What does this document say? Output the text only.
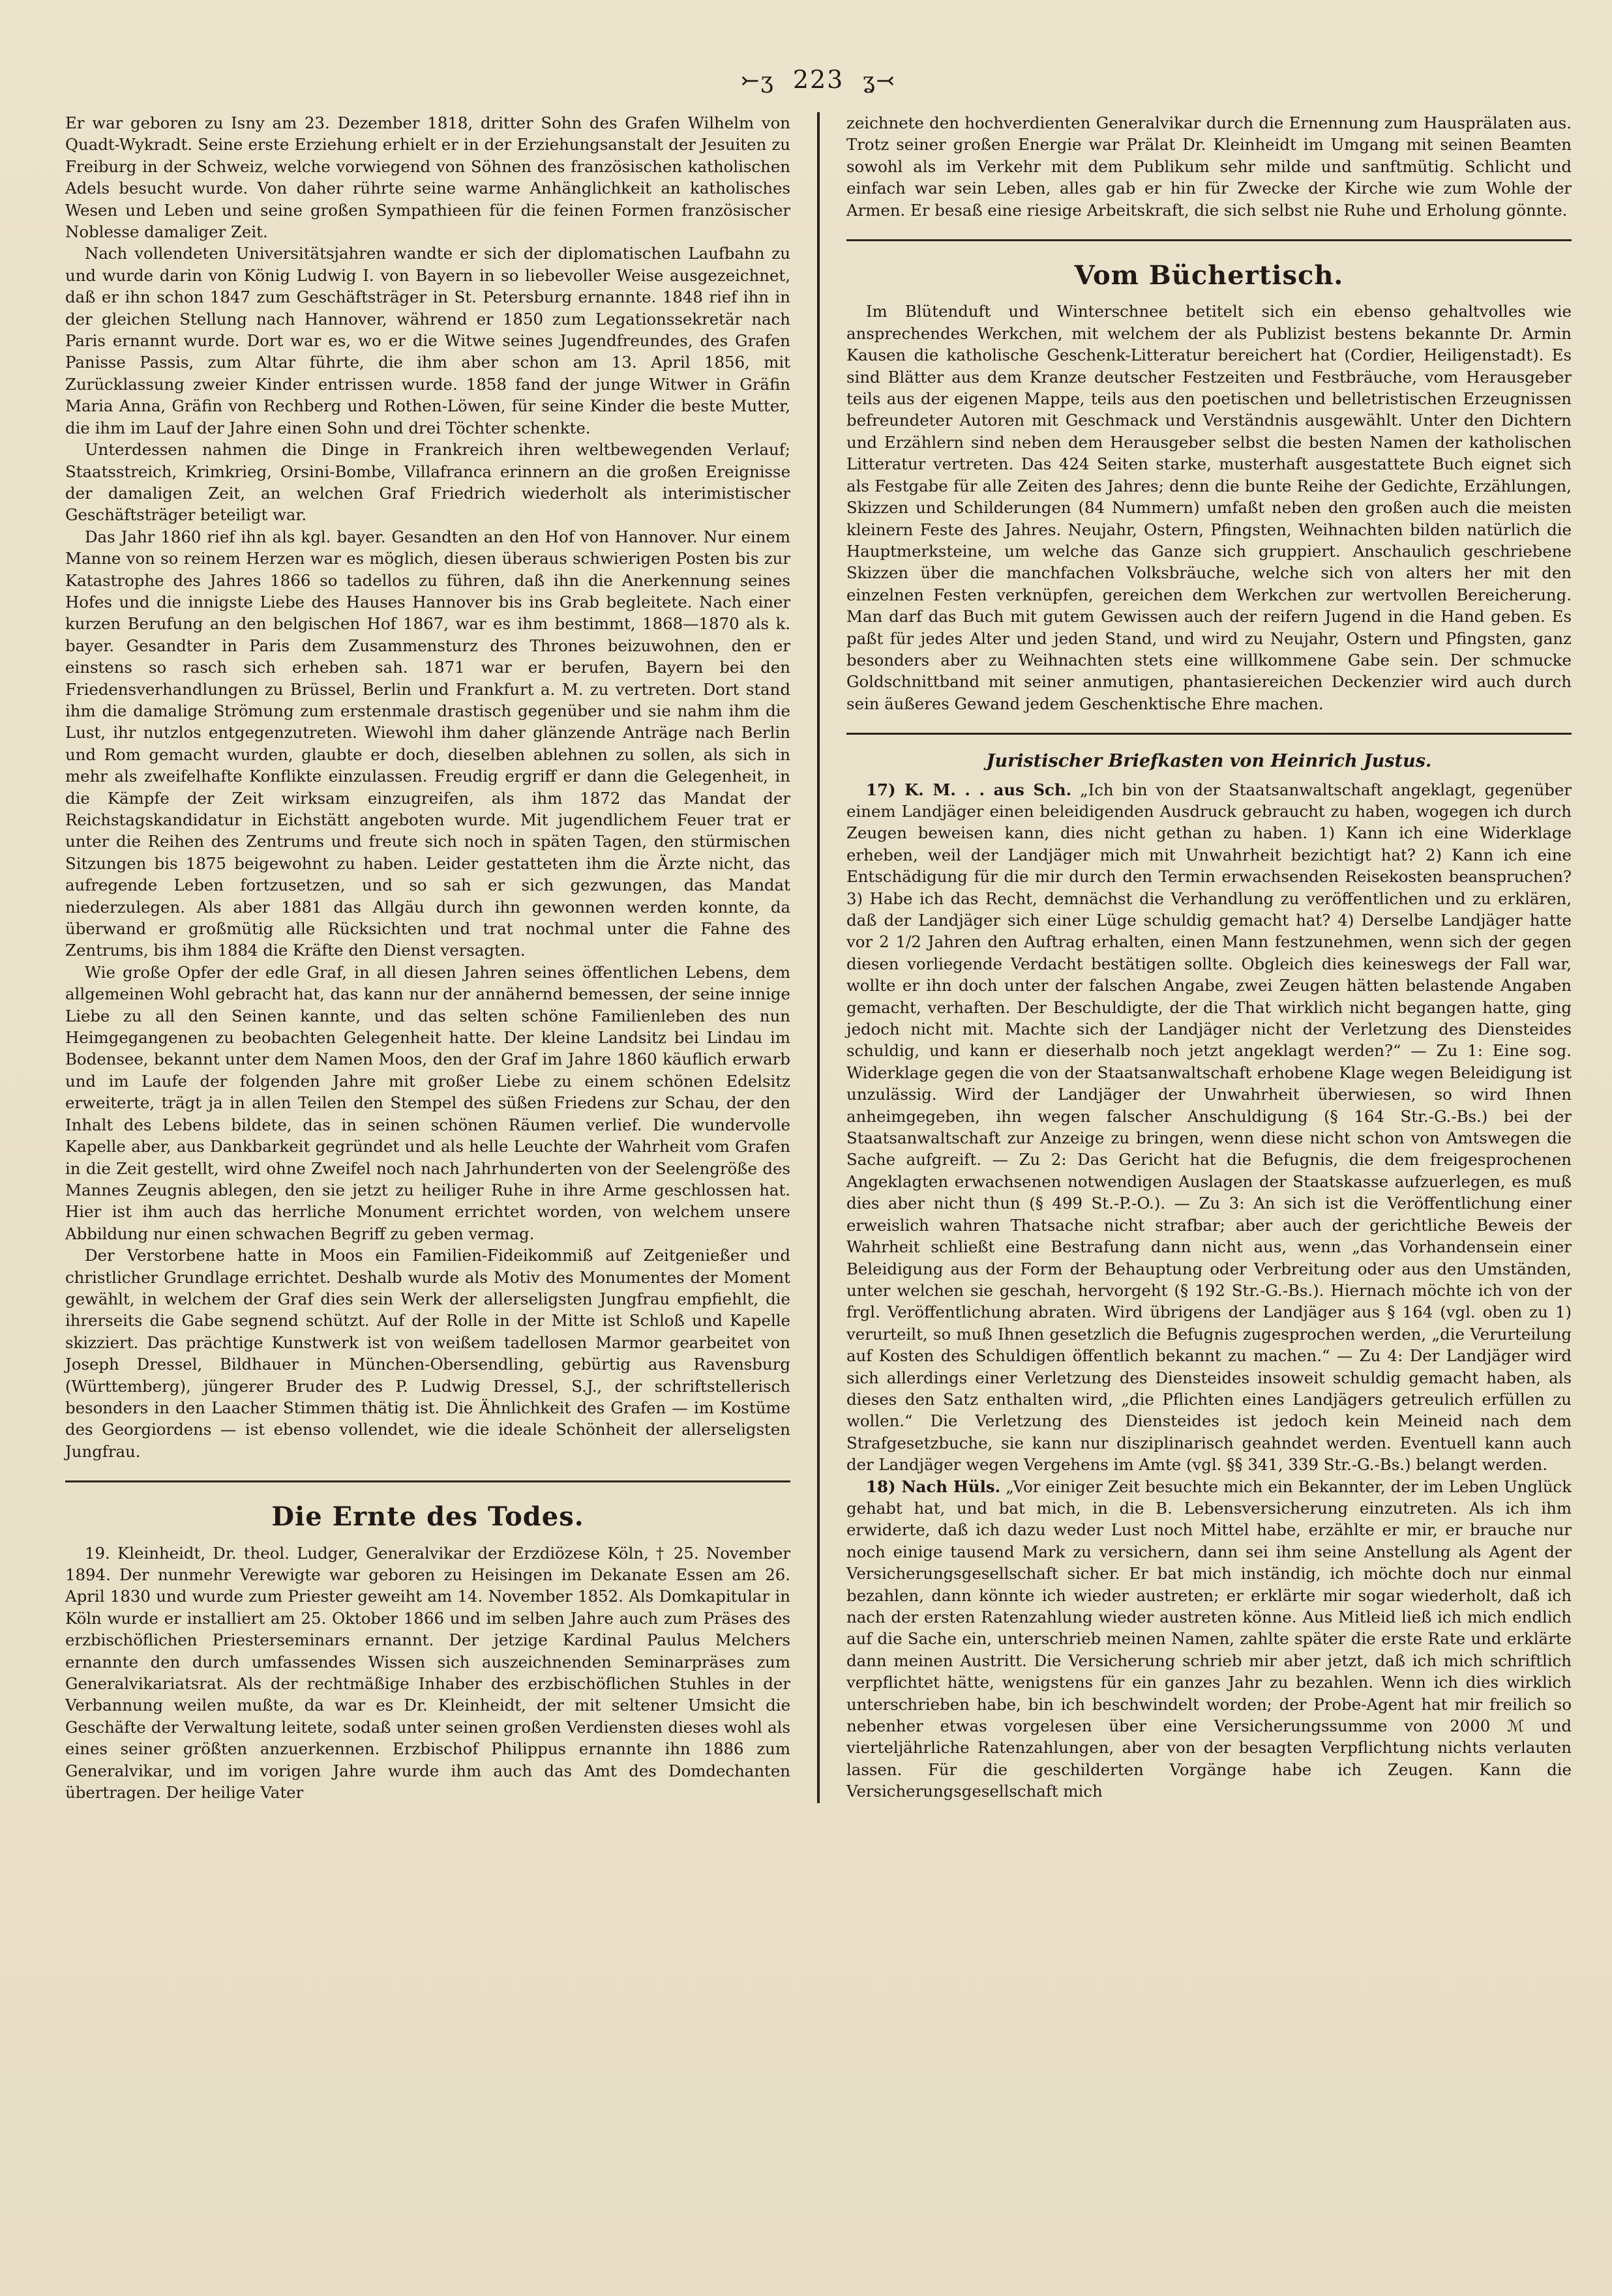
⤚ʒ 223 ʓ⤙

Er war geboren zu Isny am 23. Dezember 1818, dritter Sohn des Grafen Wilhelm von Quadt-Wykradt. Seine erste Erziehung erhielt er in der Erziehungsanstalt der Jesuiten zu Freiburg in der Schweiz, welche vorwiegend von Söhnen des französischen katholischen Adels besucht wurde. Von daher rührte seine warme Anhänglichkeit an katholisches Wesen und Leben und seine großen Sympathieen für die feinen Formen französischer Noblesse damaliger Zeit.

Nach vollendeten Universitätsjahren wandte er sich der diplomatischen Laufbahn zu und wurde darin von König Ludwig I. von Bayern in so liebevoller Weise ausgezeichnet, daß er ihn schon 1847 zum Geschäftsträger in St. Petersburg ernannte. 1848 rief ihn in der gleichen Stellung nach Hannover, während er 1850 zum Legationssekretär nach Paris ernannt wurde. Dort war es, wo er die Witwe seines Jugendfreundes, des Grafen Panisse Passis, zum Altar führte, die ihm aber schon am 13. April 1856, mit Zurücklassung zweier Kinder entrissen wurde. 1858 fand der junge Witwer in Gräfin Maria Anna, Gräfin von Rechberg und Rothen-Löwen, für seine Kinder die beste Mutter, die ihm im Lauf der Jahre einen Sohn und drei Töchter schenkte.

Unterdessen nahmen die Dinge in Frankreich ihren weltbewegenden Verlauf; Staatsstreich, Krimkrieg, Orsini-Bombe, Villafranca erinnern an die großen Ereignisse der damaligen Zeit, an welchen Graf Friedrich wiederholt als interimistischer Geschäftsträger beteiligt war.

Das Jahr 1860 rief ihn als kgl. bayer. Gesandten an den Hof von Hannover. Nur einem Manne von so reinem Herzen war es möglich, diesen überaus schwierigen Posten bis zur Katastrophe des Jahres 1866 so tadellos zu führen, daß ihn die Anerkennung seines Hofes und die innigste Liebe des Hauses Hannover bis ins Grab begleitete. Nach einer kurzen Berufung an den belgischen Hof 1867, war es ihm bestimmt, 1868—1870 als k. bayer. Gesandter in Paris dem Zusammensturz des Thrones beizuwohnen, den er einstens so rasch sich erheben sah. 1871 war er berufen, Bayern bei den Friedensverhandlungen zu Brüssel, Berlin und Frankfurt a. M. zu vertreten. Dort stand ihm die damalige Strömung zum erstenmale drastisch gegenüber und sie nahm ihm die Lust, ihr nutzlos entgegenzutreten. Wiewohl ihm daher glänzende Anträge nach Berlin und Rom gemacht wurden, glaubte er doch, dieselben ablehnen zu sollen, als sich in mehr als zweifelhafte Konflikte einzulassen. Freudig ergriff er dann die Gelegenheit, in die Kämpfe der Zeit wirksam einzugreifen, als ihm 1872 das Mandat der Reichstagskandidatur in Eichstätt angeboten wurde. Mit jugendlichem Feuer trat er unter die Reihen des Zentrums und freute sich noch in späten Tagen, den stürmischen Sitzungen bis 1875 beigewohnt zu haben. Leider gestatteten ihm die Ärzte nicht, das aufregende Leben fortzusetzen, und so sah er sich gezwungen, das Mandat niederzulegen. Als aber 1881 das Allgäu durch ihn gewonnen werden konnte, da überwand er großmütig alle Rücksichten und trat nochmal unter die Fahne des Zentrums, bis ihm 1884 die Kräfte den Dienst versagten.

Wie große Opfer der edle Graf, in all diesen Jahren seines öffentlichen Lebens, dem allgemeinen Wohl gebracht hat, das kann nur der annähernd bemessen, der seine innige Liebe zu all den Seinen kannte, und das selten schöne Familienleben des nun Heimgegangenen zu beobachten Gelegenheit hatte. Der kleine Landsitz bei Lindau im Bodensee, bekannt unter dem Namen Moos, den der Graf im Jahre 1860 käuflich erwarb und im Laufe der folgenden Jahre mit großer Liebe zu einem schönen Edelsitz erweiterte, trägt ja in allen Teilen den Stempel des süßen Friedens zur Schau, der den Inhalt des Lebens bildete, das in seinen schönen Räumen verlief. Die wundervolle Kapelle aber, aus Dankbarkeit gegründet und als helle Leuchte der Wahrheit vom Grafen in die Zeit gestellt, wird ohne Zweifel noch nach Jahrhunderten von der Seelengröße des Mannes Zeugnis ablegen, den sie jetzt zu heiliger Ruhe in ihre Arme geschlossen hat. Hier ist ihm auch das herrliche Monument errichtet worden, von welchem unsere Abbildung nur einen schwachen Begriff zu geben vermag.

Der Verstorbene hatte in Moos ein Familien-Fideikommiß auf Zeitgenießer und christlicher Grundlage errichtet. Deshalb wurde als Motiv des Monumentes der Moment gewählt, in welchem der Graf dies sein Werk der allerseligsten Jungfrau empfiehlt, die ihrerseits die Gabe segnend schützt. Auf der Rolle in der Mitte ist Schloß und Kapelle skizziert. Das prächtige Kunstwerk ist von weißem tadellosen Marmor gearbeitet von Joseph Dressel, Bildhauer in München-Obersendling, gebürtig aus Ravensburg (Württemberg), jüngerer Bruder des P. Ludwig Dressel, S.J., der schriftstellerisch besonders in den Laacher Stimmen thätig ist. Die Ähnlichkeit des Grafen — im Kostüme des Georgiordens — ist ebenso vollendet, wie die ideale Schönheit der allerseligsten Jungfrau.

Die Ernte des Todes.

19. Kleinheidt, Dr. theol. Ludger, Generalvikar der Erzdiözese Köln, † 25. November 1894. Der nunmehr Verewigte war geboren zu Heisingen im Dekanate Essen am 26. April 1830 und wurde zum Priester geweiht am 14. November 1852. Als Domkapitular in Köln wurde er installiert am 25. Oktober 1866 und im selben Jahre auch zum Präses des erzbischöflichen Priesterseminars ernannt. Der jetzige Kardinal Paulus Melchers ernannte den durch umfassendes Wissen sich auszeichnenden Seminarpräses zum Generalvikariatsrat. Als der rechtmäßige Inhaber des erzbischöflichen Stuhles in der Verbannung weilen mußte, da war es Dr. Kleinheidt, der mit seltener Umsicht die Geschäfte der Verwaltung leitete, sodaß unter seinen großen Verdiensten dieses wohl als eines seiner größten anzuerkennen. Erzbischof Philippus ernannte ihn 1886 zum Generalvikar, und im vorigen Jahre wurde ihm auch das Amt des Domdechanten übertragen. Der heilige Vater

zeichnete den hochverdienten Generalvikar durch die Ernennung zum Hausprälaten aus. Trotz seiner großen Energie war Prälat Dr. Kleinheidt im Umgang mit seinen Beamten sowohl als im Verkehr mit dem Publikum sehr milde und sanftmütig. Schlicht und einfach war sein Leben, alles gab er hin für Zwecke der Kirche wie zum Wohle der Armen. Er besaß eine riesige Arbeitskraft, die sich selbst nie Ruhe und Erholung gönnte.

Vom Büchertisch.

Im Blütenduft und Winterschnee betitelt sich ein ebenso gehaltvolles wie ansprechendes Werkchen, mit welchem der als Publizist bestens bekannte Dr. Armin Kausen die katholische Geschenk-Litteratur bereichert hat (Cordier, Heiligenstadt). Es sind Blätter aus dem Kranze deutscher Festzeiten und Festbräuche, vom Herausgeber teils aus der eigenen Mappe, teils aus den poetischen und belletristischen Erzeugnissen befreundeter Autoren mit Geschmack und Verständnis ausgewählt. Unter den Dichtern und Erzählern sind neben dem Herausgeber selbst die besten Namen der katholischen Litteratur vertreten. Das 424 Seiten starke, musterhaft ausgestattete Buch eignet sich als Festgabe für alle Zeiten des Jahres; denn die bunte Reihe der Gedichte, Erzählungen, Skizzen und Schilderungen (84 Nummern) umfaßt neben den großen auch die meisten kleinern Feste des Jahres. Neujahr, Ostern, Pfingsten, Weihnachten bilden natürlich die Hauptmerksteine, um welche das Ganze sich gruppiert. Anschaulich geschriebene Skizzen über die manchfachen Volksbräuche, welche sich von alters her mit den einzelnen Festen verknüpfen, gereichen dem Werkchen zur wertvollen Bereicherung. Man darf das Buch mit gutem Gewissen auch der reifern Jugend in die Hand geben. Es paßt für jedes Alter und jeden Stand, und wird zu Neujahr, Ostern und Pfingsten, ganz besonders aber zu Weihnachten stets eine willkommene Gabe sein. Der schmucke Goldschnittband mit seiner anmutigen, phantasiereichen Deckenzier wird auch durch sein äußeres Gewand jedem Geschenktische Ehre machen.

Juristischer Briefkasten von Heinrich Justus.

17) K. M. . . aus Sch. „Ich bin von der Staatsanwaltschaft angeklagt, gegenüber einem Landjäger einen beleidigenden Ausdruck gebraucht zu haben, wogegen ich durch Zeugen beweisen kann, dies nicht gethan zu haben. 1) Kann ich eine Widerklage erheben, weil der Landjäger mich mit Unwahrheit bezichtigt hat? 2) Kann ich eine Entschädigung für die mir durch den Termin erwachsenden Reisekosten beanspruchen? 3) Habe ich das Recht, demnächst die Verhandlung zu veröffentlichen und zu erklären, daß der Landjäger sich einer Lüge schuldig gemacht hat? 4) Derselbe Landjäger hatte vor 2 1/2 Jahren den Auftrag erhalten, einen Mann festzunehmen, wenn sich der gegen diesen vorliegende Verdacht bestätigen sollte. Obgleich dies keineswegs der Fall war, wollte er ihn doch unter der falschen Angabe, zwei Zeugen hätten belastende Angaben gemacht, verhaften. Der Beschuldigte, der die That wirklich nicht begangen hatte, ging jedoch nicht mit. Machte sich der Landjäger nicht der Verletzung des Diensteides schuldig, und kann er dieserhalb noch jetzt angeklagt werden?“ — Zu 1: Eine sog. Widerklage gegen die von der Staatsanwaltschaft erhobene Klage wegen Beleidigung ist unzulässig. Wird der Landjäger der Unwahrheit überwiesen, so wird Ihnen anheimgegeben, ihn wegen falscher Anschuldigung (§ 164 Str.-G.-Bs.) bei der Staatsanwaltschaft zur Anzeige zu bringen, wenn diese nicht schon von Amtswegen die Sache aufgreift. — Zu 2: Das Gericht hat die Befugnis, die dem freigesprochenen Angeklagten erwachsenen notwendigen Auslagen der Staatskasse aufzuerlegen, es muß dies aber nicht thun (§ 499 St.-P.-O.). — Zu 3: An sich ist die Veröffentlichung einer erweislich wahren Thatsache nicht strafbar; aber auch der gerichtliche Beweis der Wahrheit schließt eine Bestrafung dann nicht aus, wenn „das Vorhandensein einer Beleidigung aus der Form der Behauptung oder Verbreitung oder aus den Umständen, unter welchen sie geschah, hervorgeht (§ 192 Str.-G.-Bs.). Hiernach möchte ich von der frgl. Veröffentlichung abraten. Wird übrigens der Landjäger aus § 164 (vgl. oben zu 1) verurteilt, so muß Ihnen gesetzlich die Befugnis zugesprochen werden, „die Verurteilung auf Kosten des Schuldigen öffentlich bekannt zu machen.“ — Zu 4: Der Landjäger wird sich allerdings einer Verletzung des Diensteides insoweit schuldig gemacht haben, als dieses den Satz enthalten wird, „die Pflichten eines Landjägers getreulich erfüllen zu wollen.“ Die Verletzung des Diensteides ist jedoch kein Meineid nach dem Strafgesetzbuche, sie kann nur disziplinarisch geahndet werden. Eventuell kann auch der Landjäger wegen Vergehens im Amte (vgl. §§ 341, 339 Str.-G.-Bs.) belangt werden.

18) Nach Hüls. „Vor einiger Zeit besuchte mich ein Bekannter, der im Leben Unglück gehabt hat, und bat mich, in die B. Lebensversicherung einzutreten. Als ich ihm erwiderte, daß ich dazu weder Lust noch Mittel habe, erzählte er mir, er brauche nur noch einige tausend Mark zu versichern, dann sei ihm seine Anstellung als Agent der Versicherungsgesellschaft sicher. Er bat mich inständig, ich möchte doch nur einmal bezahlen, dann könnte ich wieder austreten; er erklärte mir sogar wiederholt, daß ich nach der ersten Ratenzahlung wieder austreten könne. Aus Mitleid ließ ich mich endlich auf die Sache ein, unterschrieb meinen Namen, zahlte später die erste Rate und erklärte dann meinen Austritt. Die Versicherung schrieb mir aber jetzt, daß ich mich schriftlich verpflichtet hätte, wenigstens für ein ganzes Jahr zu bezahlen. Wenn ich dies wirklich unterschrieben habe, bin ich beschwindelt worden; der Probe-Agent hat mir freilich so nebenher etwas vorgelesen über eine Versicherungssumme von 2000 ℳ und vierteljährliche Ratenzahlungen, aber von der besagten Verpflichtung nichts verlauten lassen. Für die geschilderten Vorgänge habe ich Zeugen. Kann die Versicherungsgesellschaft mich
